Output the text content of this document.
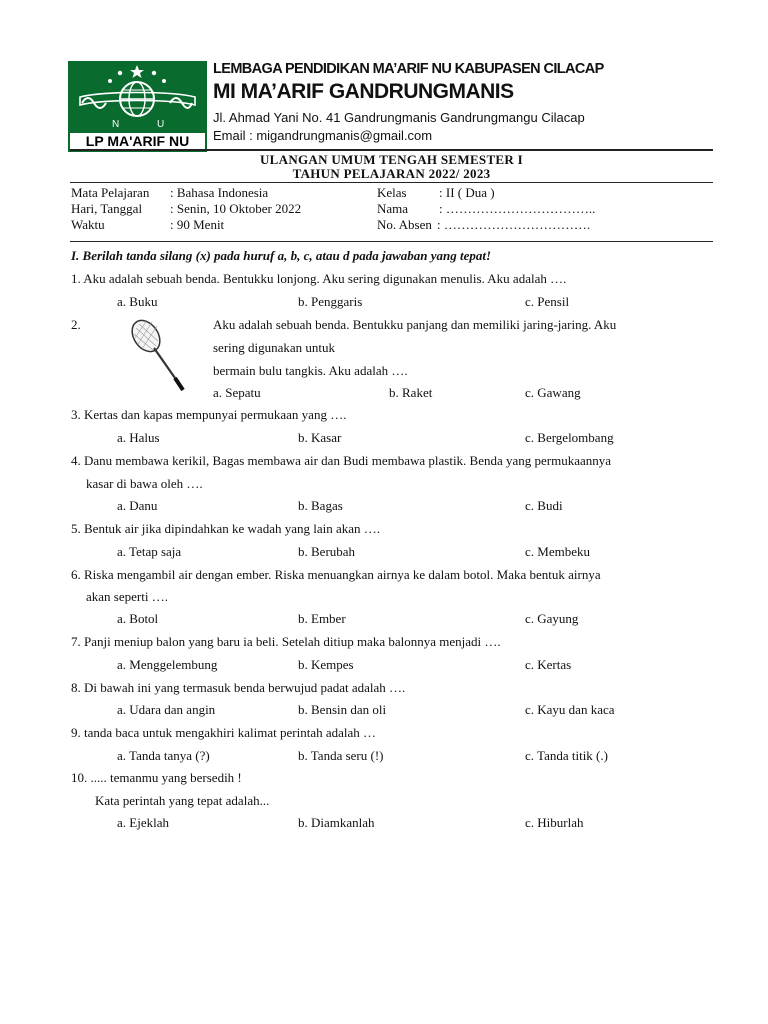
N	U
LP MA'ARIF NU
LEMBAGA PENDIDIKAN MA’ARIF NU KABUPASEN CILACAP
MI MA’ARIF GANDRUNGMANIS
Jl. Ahmad Yani No. 41 Gandrungmanis Gandrungmangu Cilacap
Email : migandrungmanis@gmail.com
ULANGAN UMUM TENGAH SEMESTER I
TAHUN PELAJARAN 2022/ 2023
Mata Pelajaran : Bahasa Indonesia
Hari, Tanggal : Senin, 10 Oktober 2022
Waktu	: 90 Menit
Kelas : II ( Dua )
Nama : ……………………………..
No. Absen : …………………………….
I. Berilah tanda silang (x) pada huruf a, b, c, atau d pada jawaban yang tepat!
1. Aku adalah sebuah benda. Bentukku lonjong. Aku sering digunakan menulis. Aku adalah ….
a. Buku	b. Penggaris	c. Pensil
2.	Aku adalah sebuah benda. Bentukku panjang dan memiliki jaring-jaring. Aku
sering digunakan untuk
bermain bulu tangkis. Aku adalah ….
a. Sepatu	b. Raket	c. Gawang
3. Kertas dan kapas mempunyai permukaan yang ….
a. Halus	b. Kasar	c. Bergelombang
4. Danu membawa kerikil, Bagas membawa air dan Budi membawa plastik. Benda yang permukaannya
kasar di bawa oleh ….
a. Danu	b. Bagas	c. Budi
5. Bentuk air jika dipindahkan ke wadah yang lain akan ….
a. Tetap saja	b. Berubah	c. Membeku
6. Riska mengambil air dengan ember. Riska menuangkan airnya ke dalam botol. Maka bentuk airnya
akan seperti ….
a. Botol	b. Ember	c. Gayung
7. Panji meniup balon yang baru ia beli. Setelah ditiup maka balonnya menjadi ….
a. Menggelembung	b. Kempes	c. Kertas
8. Di bawah ini yang termasuk benda berwujud padat adalah ….
a. Udara dan angin	b. Bensin dan oli	c. Kayu dan kaca
9. tanda baca untuk mengakhiri kalimat perintah adalah …
a. Tanda tanya (?)	b. Tanda seru (!)	c. Tanda titik (.)
10. ..... temanmu yang bersedih !
Kata perintah yang tepat adalah...
a. Ejeklah	b. Diamkanlah	c. Hiburlah
